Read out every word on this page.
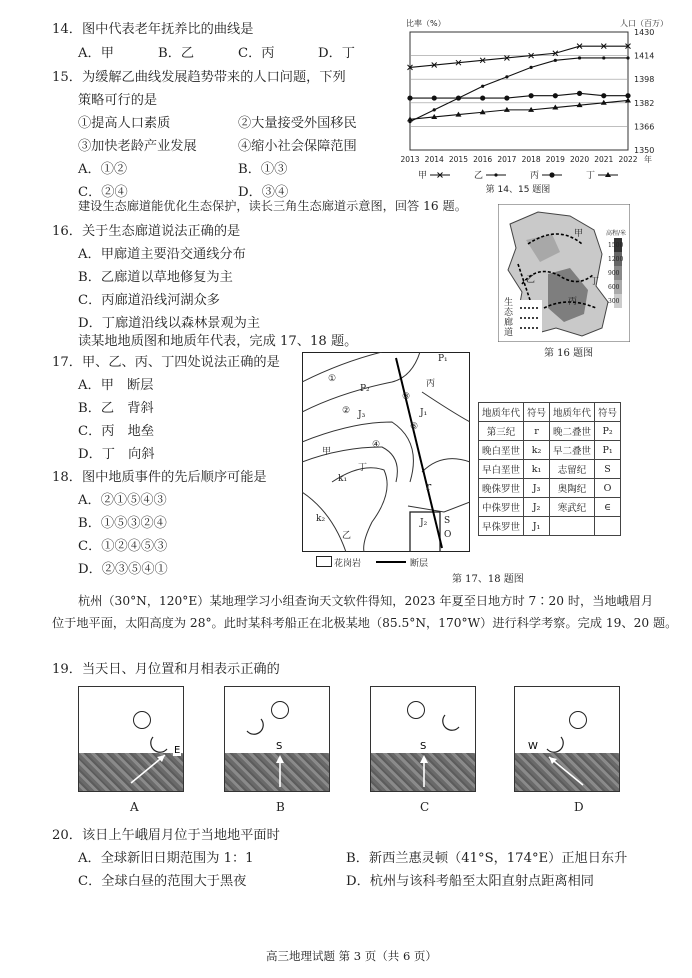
14．图中代表老年抚养比的曲线是
A．甲	B．乙	C．丙	D．丁
15．为缓解乙曲线发展趋势带来的人口问题，下列
策略可行的是
①提高人口素质	②大量接受外国移民
③加快老龄产业发展	④缩小社会保障范围
A．①②	B．①③
C．②④	D．③④
比率（%）	人口（百万）
1430
1414
1398
1382
1366
1350
2013 2014 2015 2016 2017 2018 2019 2020 2021 2022 年
甲	乙	丙	丁
第 14、15 题图
建设生态廊道能优化生态保护，读长三角生态廊道示意图，回答 16 题。
16．关于生态廊道说法正确的是
A．甲廊道主要沿交通线分布
B．乙廊道以草地修复为主
C．丙廊道沿线河湖众多
D．丁廊道沿线以森林景观为主
读某地地质图和地质年代表，完成 17、18 题。
甲
乙
丙
丁
生态廊道
高程/米
1500
1200
900
600
300
第 16 题图
17．甲、乙、丙、丁四处说法正确的是
A．甲　断层
B．乙　背斜
C．丙　地垒
D．丁　向斜
18．图中地质事件的先后顺序可能是
A．②①⑤④③
B．①⑤③②④
C．①②④⑤③
D．②③⑤④①
P₁
P₂
J₃	J₁
k₁
k₂
r
S
O
J₂
甲
乙
丙
丁
①
②
③
④
⑤
花岗岩	断层
第 17、18 题图
地质年代	符号	地质年代	符号
第三纪	r	晚二叠世	P₂
晚白垩世	k₂	早二叠世	P₁
早白垩世	k₁	志留纪	S
晚侏罗世	J₃	奥陶纪	O
中侏罗世	J₂	寒武纪	∈
早侏罗世	J₁		
杭州（30°N，120°E）某地理学习小组查询天文软件得知，2023 年夏至日地方时 7∶20 时，当地峨眉月
位于地平面，太阳高度为 28°。此时某科考船正在北极某地（85.5°N，170°W）进行科学考察。完成 19、20 题。
19．当天日、月位置和月相表示正确的
E
A
S
B
S
C
W
D
20．该日上午峨眉月位于当地地平面时
A．全球新旧日期范围为 1：1	B．新西兰惠灵顿（41°S，174°E）正旭日东升
C．全球白昼的范围大于黑夜	D．杭州与该科考船至太阳直射点距离相同
高三地理试题 第 3 页（共 6 页）
